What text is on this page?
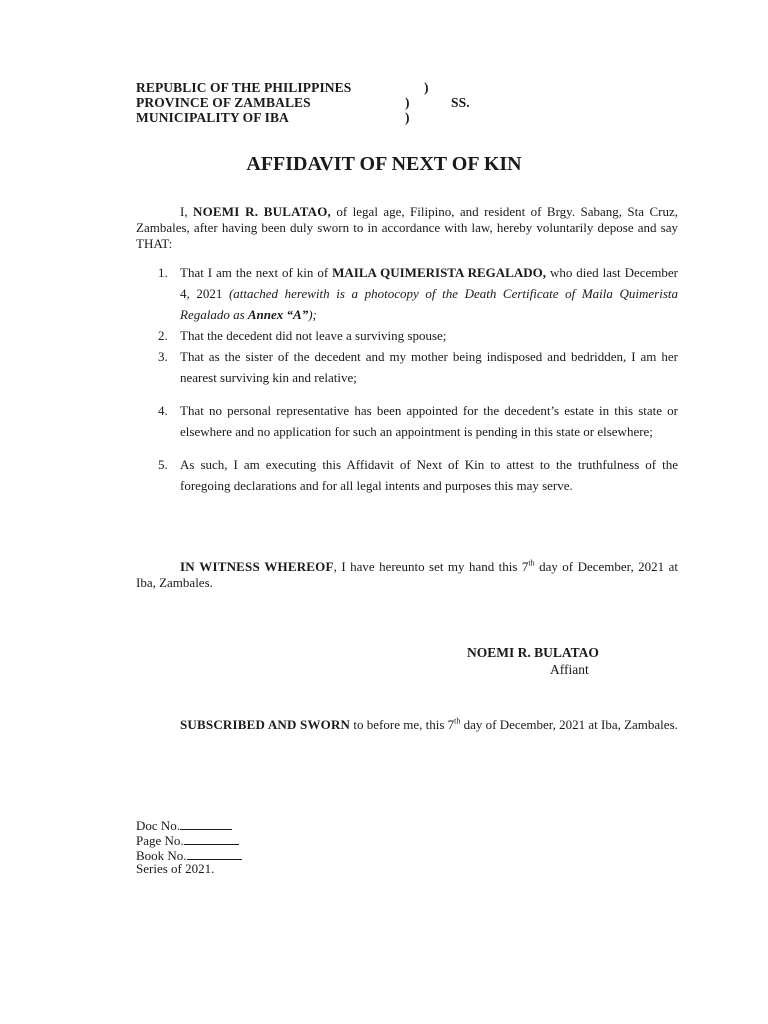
REPUBLIC OF THE PHILIPPINES
PROVINCE OF ZAMBALES
MUNICIPALITY OF IBA
)
)
)
SS.
AFFIDAVIT OF NEXT OF KIN
I, NOEMI R. BULATAO, of legal age, Filipino, and resident of Brgy. Sabang, Sta Cruz, Zambales, after having been duly sworn to in accordance with law, hereby voluntarily depose and say THAT:
1. That I am the next of kin of MAILA QUIMERISTA REGALADO, who died last December 4, 2021 (attached herewith is a photocopy of the Death Certificate of Maila Quimerista Regalado as Annex “A”);
2. That the decedent did not leave a surviving spouse;
3. That as the sister of the decedent and my mother being indisposed and bedridden, I am her nearest surviving kin and relative;
4. That no personal representative has been appointed for the decedent’s estate in this state or elsewhere and no application for such an appointment is pending in this state or elsewhere;
5. As such, I am executing this Affidavit of Next of Kin to attest to the truthfulness of the foregoing declarations and for all legal intents and purposes this may serve.
IN WITNESS WHEREOF, I have hereunto set my hand this 7th day of December, 2021 at Iba, Zambales.
NOEMI R. BULATAO
Affiant
SUBSCRIBED AND SWORN to before me, this 7th day of December, 2021 at Iba, Zambales.
Doc No.
Page No.
Book No.
Series of 2021.
